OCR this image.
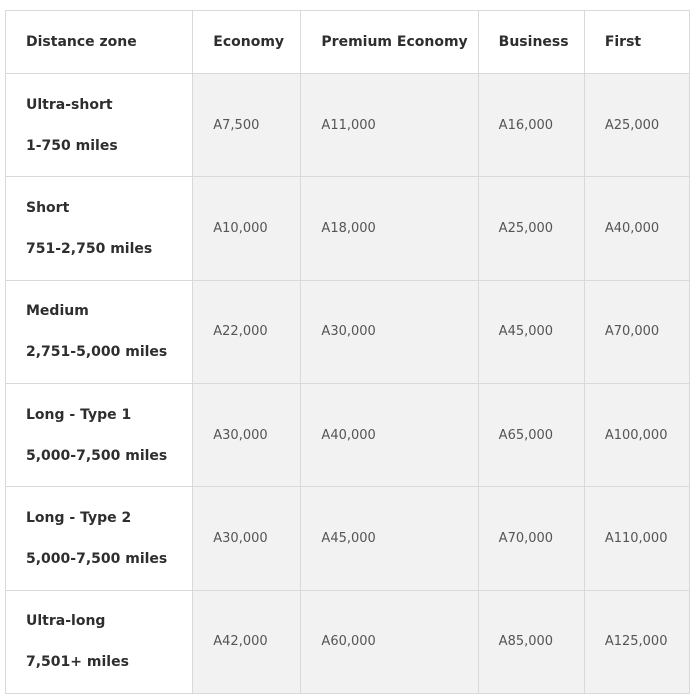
Distance zone	Economy	Premium Economy	Business	First

Ultra-short
1-750 miles	A7,500	A11,000	A16,000	A25,000

Short
751-2,750 miles	A10,000	A18,000	A25,000	A40,000

Medium
2,751-5,000 miles	A22,000	A30,000	A45,000	A70,000

Long - Type 1
5,000-7,500 miles	A30,000	A40,000	A65,000	A100,000

Long - Type 2
5,000-7,500 miles	A30,000	A45,000	A70,000	A110,000

Ultra-long
7,501+ miles	A42,000	A60,000	A85,000	A125,000
